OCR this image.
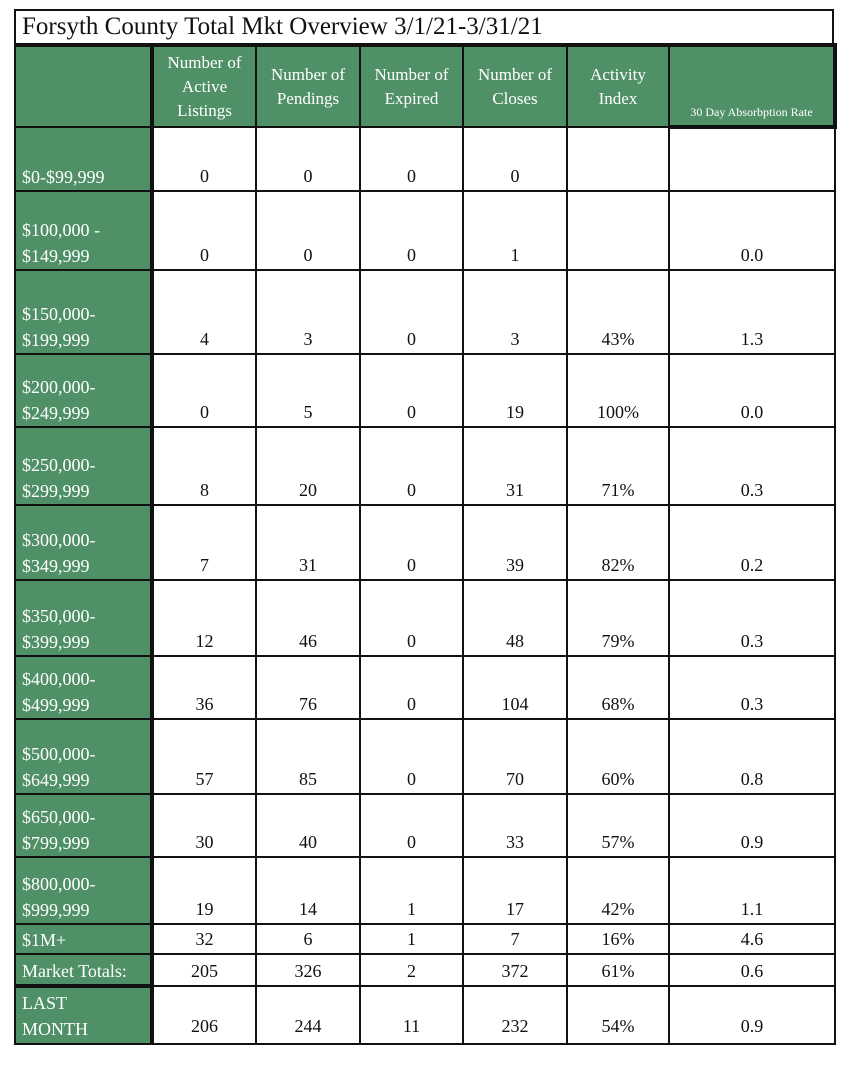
Forsyth County Total Mkt Overview 3/1/21-3/31/21
	Number of
Active
Listings	Number of
Pendings	Number of
Expired	Number of
Closes	Activity
Index	30 Day Absorbption Rate
$0-$99,999	0	0	0	0		
$100,000 -
$149,999	0	0	0	1		0.0
$150,000-
$199,999	4	3	0	3	43%	1.3
$200,000-
$249,999	0	5	0	19	100%	0.0
$250,000-
$299,999	8	20	0	31	71%	0.3
$300,000-
$349,999	7	31	0	39	82%	0.2
$350,000-
$399,999	12	46	0	48	79%	0.3
$400,000-
$499,999	36	76	0	104	68%	0.3
$500,000-
$649,999	57	85	0	70	60%	0.8
$650,000-
$799,999	30	40	0	33	57%	0.9
$800,000-
$999,999	19	14	1	17	42%	1.1
$1M+	32	6	1	7	16%	4.6
Market Totals:	205	326	2	372	61%	0.6
LAST
MONTH	206	244	11	232	54%	0.9
